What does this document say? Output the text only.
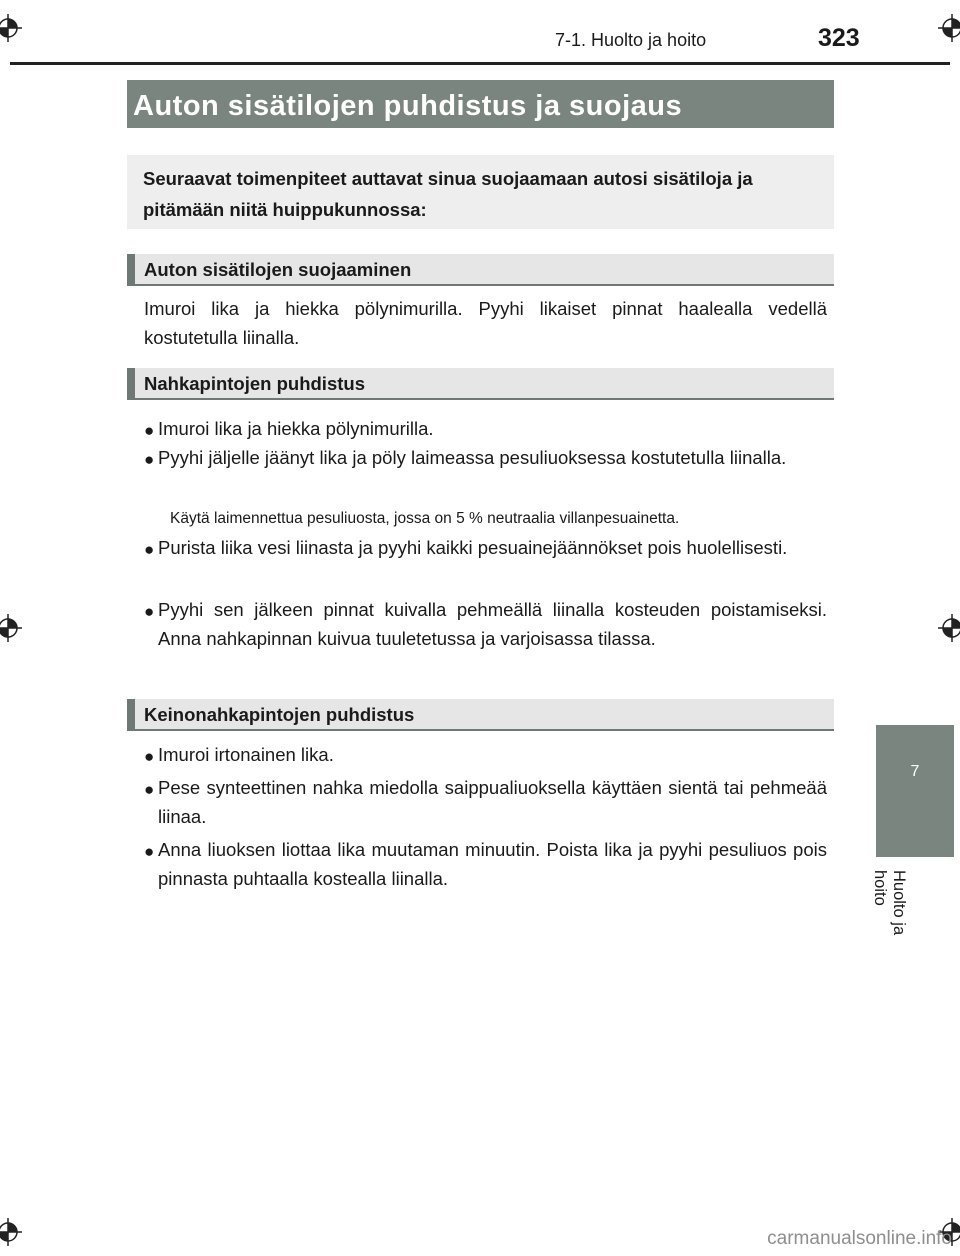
7-1. Huolto ja hoito	323
Auton sisätilojen puhdistus ja suojaus
Seuraavat toimenpiteet auttavat sinua suojaamaan autosi sisätiloja ja pitämään niitä huippukunnossa:
Auton sisätilojen suojaaminen
Imuroi lika ja hiekka pölynimurilla. Pyyhi likaiset pinnat haalealla vedellä kostutetulla liinalla.
Nahkapintojen puhdistus
● Imuroi lika ja hiekka pölynimurilla.
● Pyyhi jäljelle jäänyt lika ja pöly laimeassa pesuliuoksessa kostutetulla liinalla.
Käytä laimennettua pesuliuosta, jossa on 5 % neutraalia villanpesuainetta.
● Purista liika vesi liinasta ja pyyhi kaikki pesuainejäännökset pois huolellisesti.
● Pyyhi sen jälkeen pinnat kuivalla pehmeällä liinalla kosteuden poistamiseksi. Anna nahkapinnan kuivua tuuletetussa ja varjoisassa tilassa.
Keinonahkapintojen puhdistus
● Imuroi irtonainen lika.
● Pese synteettinen nahka miedolla saippualiuoksella käyttäen sientä tai pehmeää liinaa.
● Anna liuoksen liottaa lika muutaman minuutin. Poista lika ja pyyhi pesuliuos pois pinnasta puhtaalla kostealla liinalla.
7
Huolto ja hoito
carmanualsonline.info
